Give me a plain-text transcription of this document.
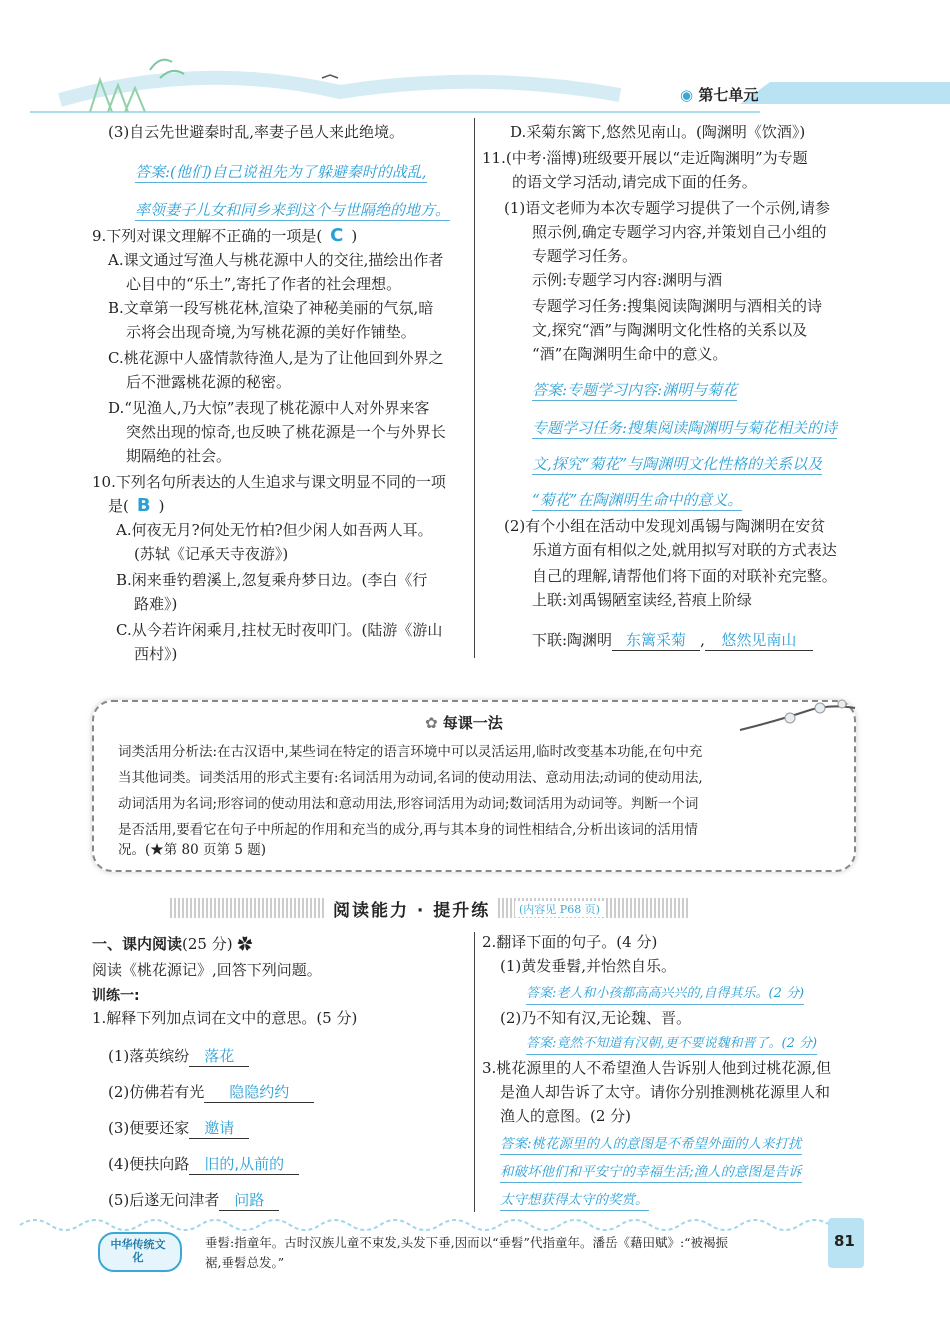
◉ 第七单元
(3)自云先世避秦时乱,率妻子邑人来此绝境。
答案:(他们)自己说祖先为了躲避秦时的战乱,
率领妻子儿女和同乡来到这个与世隔绝的地方。
9.下列对课文理解不正确的一项是( C )
A.课文通过写渔人与桃花源中人的交往,描绘出作者
心目中的“乐土”,寄托了作者的社会理想。
B.文章第一段写桃花林,渲染了神秘美丽的气氛,暗
示将会出现奇境,为写桃花源的美好作铺垫。
C.桃花源中人盛情款待渔人,是为了让他回到外界之
后不泄露桃花源的秘密。
D.“见渔人,乃大惊”表现了桃花源中人对外界来客
突然出现的惊奇,也反映了桃花源是一个与外界长
期隔绝的社会。
10.下列名句所表达的人生追求与课文明显不同的一项
是( B )
A.何夜无月?何处无竹柏?但少闲人如吾两人耳。
(苏轼《记承天寺夜游》)
B.闲来垂钓碧溪上,忽复乘舟梦日边。(李白《行
路难》)
C.从今若许闲乘月,拄杖无时夜叩门。(陆游《游山
西村》)
D.采菊东篱下,悠然见南山。(陶渊明《饮酒》)
11.(中考·淄博)班级要开展以“走近陶渊明”为专题
的语文学习活动,请完成下面的任务。
(1)语文老师为本次专题学习提供了一个示例,请参
照示例,确定专题学习内容,并策划自己小组的
专题学习任务。
示例:专题学习内容:渊明与酒
专题学习任务:搜集阅读陶渊明与酒相关的诗
文,探究“酒”与陶渊明文化性格的关系以及
“酒”在陶渊明生命中的意义。
答案:专题学习内容:渊明与菊花
专题学习任务:搜集阅读陶渊明与菊花相关的诗
文,探究“菊花”与陶渊明文化性格的关系以及
“菊花”在陶渊明生命中的意义。
(2)有个小组在活动中发现刘禹锡与陶渊明在安贫
乐道方面有相似之处,就用拟写对联的方式表达
自己的理解,请帮他们将下面的对联补充完整。
上联:刘禹锡陋室读经,苔痕上阶绿
下联:陶渊明 东篱采菊 , 悠然见南山
✿ 每课一法
词类活用分析法:在古汉语中,某些词在特定的语言环境中可以灵活运用,临时改变基本功能,在句中充
当其他词类。词类活用的形式主要有:名词活用为动词,名词的使动用法、意动用法;动词的使动用法,
动词活用为名词;形容词的使动用法和意动用法,形容词活用为动词;数词活用为动词等。判断一个词
是否活用,要看它在句子中所起的作用和充当的成分,再与其本身的词性相结合,分析出该词的活用情
况。(★第 80 页第 5 题)
阅读能力 · 提升练	(内容见 P68 页)
一、课内阅读(25 分) ✿
阅读《桃花源记》,回答下列问题。
训练一:
1.解释下列加点词在文中的意思。(5 分)
(1)落英缤纷 落花
(2)仿佛若有光 隐隐约约
(3)便要还家 邀请
(4)便扶向路 旧的,从前的
(5)后遂无问津者 问路
2.翻译下面的句子。(4 分)
(1)黄发垂髫,并怡然自乐。
答案:老人和小孩都高高兴兴的,自得其乐。(2 分)
(2)乃不知有汉,无论魏、晋。
答案:竟然不知道有汉朝,更不要说魏和晋了。(2 分)
3.桃花源里的人不希望渔人告诉别人他到过桃花源,但
是渔人却告诉了太守。请你分别推测桃花源里人和
渔人的意图。(2 分)
答案:桃花源里的人的意图是不希望外面的人来打扰
和破坏他们和平安宁的幸福生活;渔人的意图是告诉
太守想获得太守的奖赏。
中华传统文化
垂髫:指童年。古时汉族儿童不束发,头发下垂,因而以“垂髫”代指童年。潘岳《藉田赋》:“被褐振
裾,垂髫总发。”
81
